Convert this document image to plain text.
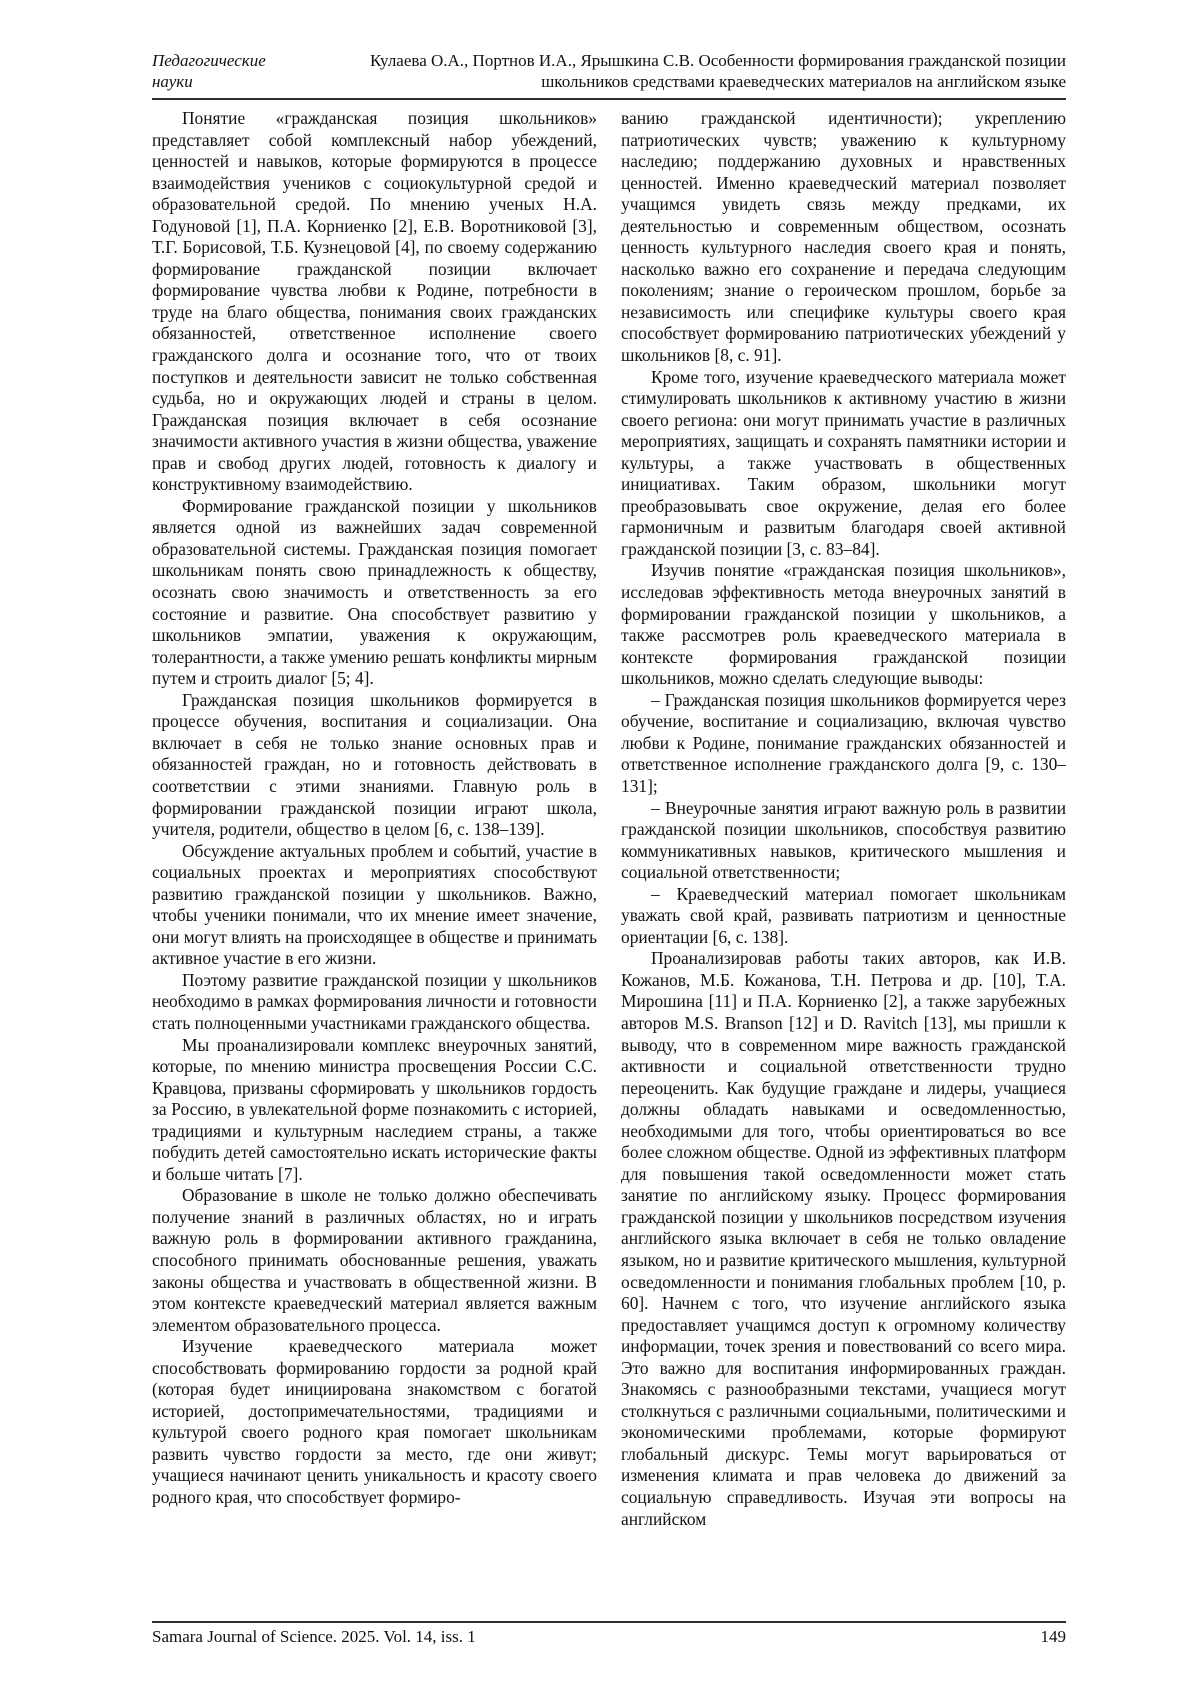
Педагогические науки
Кулаева О.А., Портнов И.А., Ярышкина С.В. Особенности формирования гражданской позиции
школьников средствами краеведческих материалов на английском языке

Понятие «гражданская позиция школьников» представляет собой комплексный набор убеждений, ценностей и навыков, которые формируются в процессе взаимодействия учеников с социокультурной средой и образовательной средой. По мнению ученых Н.А. Годуновой [1], П.А. Корниенко [2], Е.В. Воротниковой [3], Т.Г. Борисовой, Т.Б. Кузнецовой [4], по своему содержанию формирование гражданской позиции включает формирование чувства любви к Родине, потребности в труде на благо общества, понимания своих гражданских обязанностей, ответственное исполнение своего гражданского долга и осознание того, что от твоих поступков и деятельности зависит не только собственная судьба, но и окружающих людей и страны в целом. Гражданская позиция включает в себя осознание значимости активного участия в жизни общества, уважение прав и свобод других людей, готовность к диалогу и конструктивному взаимодействию.

Формирование гражданской позиции у школьников является одной из важнейших задач современной образовательной системы. Гражданская позиция помогает школьникам понять свою принадлежность к обществу, осознать свою значимость и ответственность за его состояние и развитие. Она способствует развитию у школьников эмпатии, уважения к окружающим, толерантности, а также умению решать конфликты мирным путем и строить диалог [5; 4].

Гражданская позиция школьников формируется в процессе обучения, воспитания и социализации. Она включает в себя не только знание основных прав и обязанностей граждан, но и готовность действовать в соответствии с этими знаниями. Главную роль в формировании гражданской позиции играют школа, учителя, родители, общество в целом [6, с. 138–139].

Обсуждение актуальных проблем и событий, участие в социальных проектах и мероприятиях способствуют развитию гражданской позиции у школьников. Важно, чтобы ученики понимали, что их мнение имеет значение, они могут влиять на происходящее в обществе и принимать активное участие в его жизни.

Поэтому развитие гражданской позиции у школьников необходимо в рамках формирования личности и готовности стать полноценными участниками гражданского общества.

Мы проанализировали комплекс внеурочных занятий, которые, по мнению министра просвещения России С.С. Кравцова, призваны сформировать у школьников гордость за Россию, в увлекательной форме познакомить с историей, традициями и культурным наследием страны, а также побудить детей самостоятельно искать исторические факты и больше читать [7].

Образование в школе не только должно обеспечивать получение знаний в различных областях, но и играть важную роль в формировании активного гражданина, способного принимать обоснованные решения, уважать законы общества и участвовать в общественной жизни. В этом контексте краеведческий материал является важным элементом образовательного процесса.

Изучение краеведческого материала может способствовать формированию гордости за родной край (которая будет инициирована знакомством с богатой историей, достопримечательностями, традициями и культурой своего родного края помогает школьникам развить чувство гордости за место, где они живут; учащиеся начинают ценить уникальность и красоту своего родного края, что способствует формиро-

ванию гражданской идентичности); укреплению патриотических чувств; уважению к культурному наследию; поддержанию духовных и нравственных ценностей. Именно краеведческий материал позволяет учащимся увидеть связь между предками, их деятельностью и современным обществом, осознать ценность культурного наследия своего края и понять, насколько важно его сохранение и передача следующим поколениям; знание о героическом прошлом, борьбе за независимость или специфике культуры своего края способствует формированию патриотических убеждений у школьников [8, с. 91].

Кроме того, изучение краеведческого материала может стимулировать школьников к активному участию в жизни своего региона: они могут принимать участие в различных мероприятиях, защищать и сохранять памятники истории и культуры, а также участвовать в общественных инициативах. Таким образом, школьники могут преобразовывать свое окружение, делая его более гармоничным и развитым благодаря своей активной гражданской позиции [3, с. 83–84].

Изучив понятие «гражданская позиция школьников», исследовав эффективность метода внеурочных занятий в формировании гражданской позиции у школьников, а также рассмотрев роль краеведческого материала в контексте формирования гражданской позиции школьников, можно сделать следующие выводы:

– Гражданская позиция школьников формируется через обучение, воспитание и социализацию, включая чувство любви к Родине, понимание гражданских обязанностей и ответственное исполнение гражданского долга [9, с. 130–131];

– Внеурочные занятия играют важную роль в развитии гражданской позиции школьников, способствуя развитию коммуникативных навыков, критического мышления и социальной ответственности;

– Краеведческий материал помогает школьникам уважать свой край, развивать патриотизм и ценностные ориентации [6, с. 138].

Проанализировав работы таких авторов, как И.В. Кожанов, М.Б. Кожанова, Т.Н. Петрова и др. [10], Т.А. Мирошина [11] и П.А. Корниенко [2], а также зарубежных авторов M.S. Branson [12] и D. Ravitch [13], мы пришли к выводу, что в современном мире важность гражданской активности и социальной ответственности трудно переоценить. Как будущие граждане и лидеры, учащиеся должны обладать навыками и осведомленностью, необходимыми для того, чтобы ориентироваться во все более сложном обществе. Одной из эффективных платформ для повышения такой осведомленности может стать занятие по английскому языку. Процесс формирования гражданской позиции у школьников посредством изучения английского языка включает в себя не только овладение языком, но и развитие критического мышления, культурной осведомленности и понимания глобальных проблем [10, p. 60]. Начнем с того, что изучение английского языка предоставляет учащимся доступ к огромному количеству информации, точек зрения и повествований со всего мира. Это важно для воспитания информированных граждан. Знакомясь с разнообразными текстами, учащиеся могут столкнуться с различными социальными, политическими и экономическими проблемами, которые формируют глобальный дискурс. Темы могут варьироваться от изменения климата и прав человека до движений за социальную справедливость. Изучая эти вопросы на английском

Samara Journal of Science. 2025. Vol. 14, iss. 1	149
